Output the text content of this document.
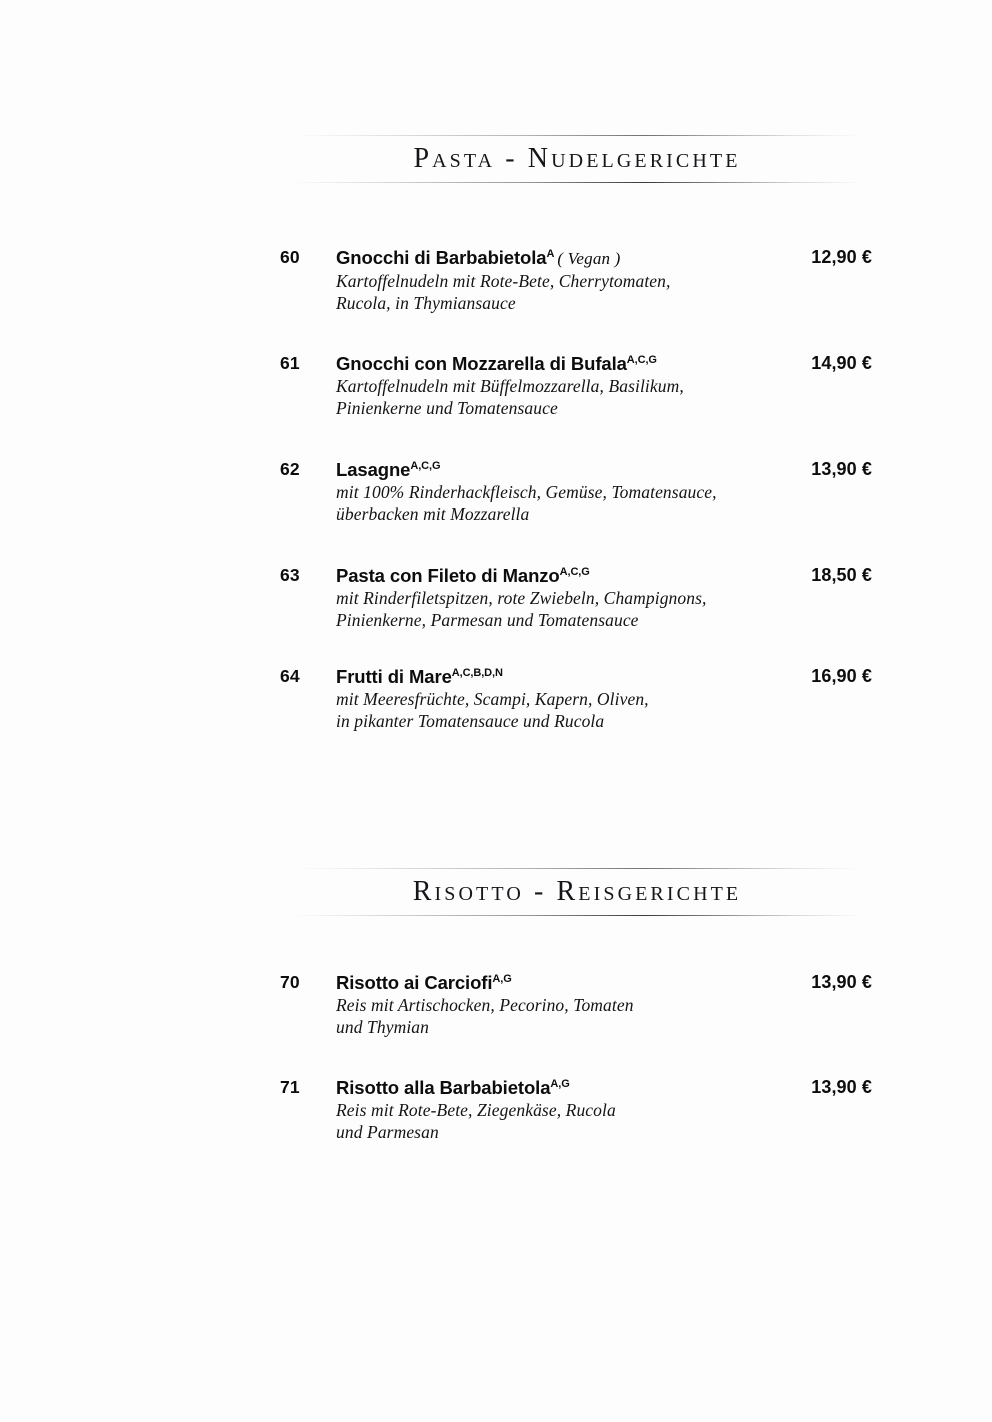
Pasta - Nudelgerichte
60	Gnocchi di Barbabietola$^A$ ( Vegan )
Kartoffelnudeln mit Rote-Bete, Cherrytomaten,
Rucola, in Thymiansauce
12,90 €
61	Gnocchi con Mozzarella di Bufala$^{A,C,G}$
Kartoffelnudeln mit Büffelmozzarella, Basilikum,
Pinienkerne und Tomatensauce
14,90 €
62	Lasagne$^{A,C,G}$
mit 100% Rinderhackfleisch, Gemüse, Tomatensauce,
überbacken mit Mozzarella
13,90 €
63	Pasta con Fileto di Manzo$^{A,C,G}$
mit Rinderfiletspitzen, rote Zwiebeln, Champignons,
Pinienkerne, Parmesan und Tomatensauce
18,50 €
64	Frutti di Mare$^{A,C,B,D,N}$
mit Meeresfrüchte, Scampi, Kapern, Oliven,
in pikanter Tomatensauce und Rucola
16,90 €
Risotto - Reisgerichte
70	Risotto ai Carciofi$^{A,G}$
Reis mit Artischocken, Pecorino, Tomaten
und Thymian
13,90 €
71	Risotto alla Barbabietola$^{A,G}$
Reis mit Rote-Bete, Ziegenkäse, Rucola
und Parmesan
13,90 €
